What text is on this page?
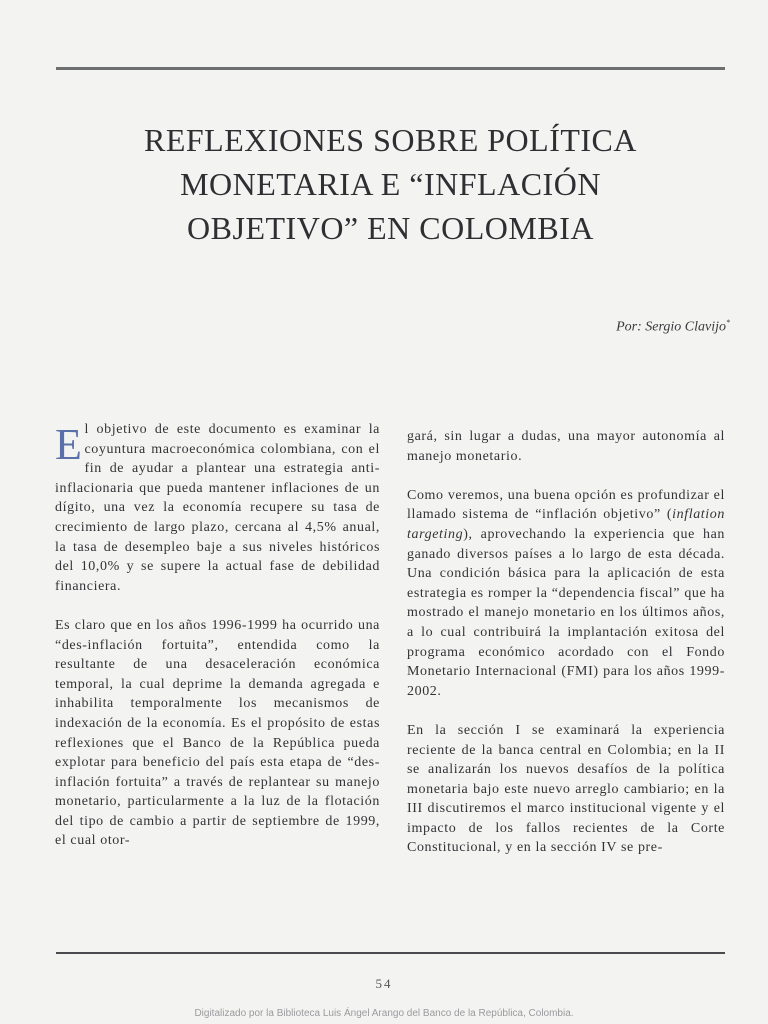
REFLEXIONES SOBRE POLÍTICA
MONETARIA E “INFLACIÓN
OBJETIVO” EN COLOMBIA
Por: Sergio Clavijo*

El objetivo de este documento es examinar la coyuntura macroeconómica colombiana, con el fin de ayudar a plantear una estrategia anti-inflacionaria que pueda mantener inflaciones de un dígito, una vez la economía recupere su tasa de crecimiento de largo plazo, cercana al 4,5% anual, la tasa de desempleo baje a sus niveles históricos del 10,0% y se supere la actual fase de debilidad financiera.

Es claro que en los años 1996-1999 ha ocurrido una “des-inflación fortuita”, entendida como la resultante de una desaceleración económica temporal, la cual deprime la demanda agregada e inhabilita temporalmente los mecanismos de indexación de la economía. Es el propósito de estas reflexiones que el Banco de la República pueda explotar para beneficio del país esta etapa de “des-inflación fortuita” a través de replantear su manejo monetario, particularmente a la luz de la flotación del tipo de cambio a partir de septiembre de 1999, el cual otor-

gará, sin lugar a dudas, una mayor autonomía al manejo monetario.

Como veremos, una buena opción es profundizar el llamado sistema de “inflación objetivo” (inflation targeting), aprovechando la experiencia que han ganado diversos países a lo largo de esta década. Una condición básica para la aplicación de esta estrategia es romper la “dependencia fiscal” que ha mostrado el manejo monetario en los últimos años, a lo cual contribuirá la implantación exitosa del programa económico acordado con el Fondo Monetario Internacional (FMI) para los años 1999-2002.

En la sección I se examinará la experiencia reciente de la banca central en Colombia; en la II se analizarán los nuevos desafíos de la política monetaria bajo este nuevo arreglo cambiario; en la III discutiremos el marco institucional vigente y el impacto de los fallos recientes de la Corte Constitucional, y en la sección IV se pre-

54
Digitalizado por la Biblioteca Luis Ángel Arango del Banco de la República, Colombia.
